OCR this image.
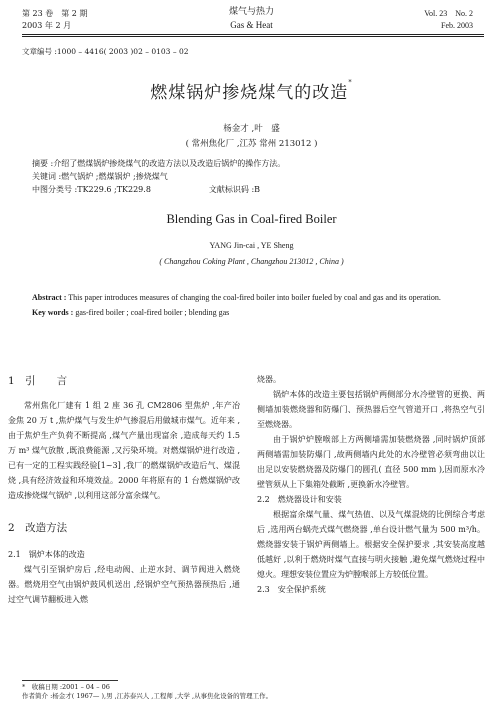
第 23 卷　第 2 期
2003 年 2 月
煤气与热力
Gas & Heat
Vol. 23　No. 2
Feb. 2003
文章编号 :1000 – 4416( 2003 )02 – 0103 – 02
燃煤锅炉掺烧煤气的改造*
杨金才 ,叶　盛
( 常州焦化厂 ,江苏 常州 213012 )
摘要 :介绍了燃煤锅炉掺烧煤气的改造方法以及改造后锅炉的操作方法。
关键词 :燃气锅炉 ;燃煤锅炉 ;掺烧煤气
中图分类号 :TK229.6 ;TK229.8	文献标识码 :B
Blending Gas in Coal-fired Boiler
YANG Jin-cai , YE Sheng
( Changzhou Coking Plant , Changzhou 213012 , China )
Abstract : This paper introduces measures of changing the coal-fired boiler into boiler fueled by coal and gas and its operation.
Key words : gas-fired boiler ; coal-fired boiler ; blending gas
1　引　　言

常州焦化厂建有 1 组 2 座 36 孔 CM2806 型焦炉 ,年产冶金焦 20 万 t ,焦炉煤气与发生炉气掺混后用做城市煤气。近年来 ,由于焦炉生产负荷不断提高 ,煤气产量出现富余 ,造成每天约 1.5 万 m³ 煤气放散 ,既浪费能源 ,又污染环境。对燃煤锅炉进行改造 ,已有一定的工程实践经验[1~3] ,我厂的燃煤锅炉改造后气、煤混烧 ,具有经济效益和环境效益。2000 年将原有的 1 台燃煤锅炉改造成掺烧煤气锅炉 ,以利用这部分富余煤气。

2　改造方法
2.1　锅炉本体的改造

煤气引至锅炉房后 ,经电动阀、止逆水封、调节阀进入燃烧器。燃烧用空气由锅炉鼓风机送出 ,经锅炉空气预热器预热后 ,通过空气调节翻板进入燃

烧器。

锅炉本体的改造主要包括锅炉两侧部分水冷壁管的更换、两侧墙加装燃烧器和防爆门、预热器后空气管道开口 ,将热空气引至燃烧器。

由于锅炉炉膛喉部上方两侧墙需加装燃烧器 ,同时锅炉顶部两侧墙需加装防爆门 ,故两侧墙内此处的水冷壁管必须弯曲以让出足以安装燃烧器及防爆门的圆孔( 直径 500 mm ),因而原水冷壁管须从上下集箱处截断 ,更换新水冷壁管。

2.2　燃烧器设计和安装

根据富余煤气量、煤气热值、以及气煤混烧的比例综合考虑后 ,选用两台蜗壳式煤气燃烧器 ,单台设计燃气量为 500 m³/h。燃烧器安装于锅炉两侧墙上。根据安全保护要求 ,其安装高度越低越好 ,以利于燃烧时煤气直接与明火接触 ,避免煤气燃烧过程中熄火。理想安装位置应为炉膛喉部上方较低位置。

2.3　安全保护系统
*　收稿日期 :2001 – 04 – 06
作者简介 :杨金才( 1967— ),男 ,江苏泰兴人 ,工程师 ,大学 ,从事焦化设备的管理工作。
